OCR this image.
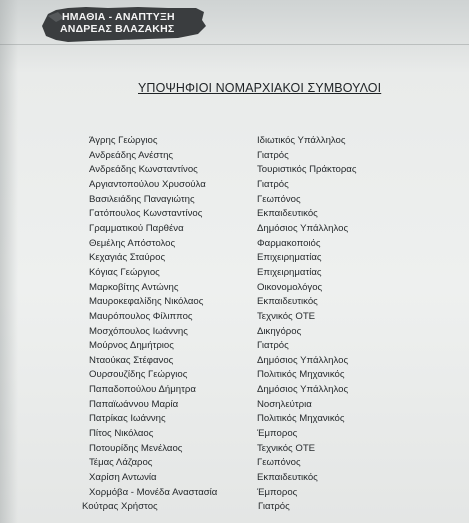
ΗΜΑΘΙΑ - ΑΝΑΠΤΥΞΗ
ΑΝΔΡΕΑΣ ΒΛΑΖΑΚΗΣ
ΥΠΟΨΗΦΙΟΙ ΝΟΜΑΡΧΙΑΚΟΙ ΣΥΜΒΟΥΛΟΙ
Άγρης Γεώργιος	Ιδιωτικός Υπάλληλος
Ανδρεάδης Ανέστης	Γιατρός
Ανδρεάδης Κωνσταντίνος	Τουριστικός Πράκτορας
Αργιαντοπούλου Χρυσούλα	Γιατρός
Βασιλειάδης Παναγιώτης	Γεωπόνος
Γατόπουλος Κωνσταντίνος	Εκπαιδευτικός
Γραμματικού Παρθένα	Δημόσιος Υπάλληλος
Θεμέλης Απόστολος	Φαρμακοποιός
Κεχαγιάς Σταύρος	Επιχειρηματίας
Κόγιας Γεώργιος	Επιχειρηματίας
Μαρκοβίτης Αντώνης	Οικονομολόγος
Μαυροκεφαλίδης Νικόλαος	Εκπαιδευτικός
Μαυρόπουλος Φίλιππος	Τεχνικός ΟΤΕ
Μοσχόπουλος Ιωάννης	Δικηγόρος
Μούρνος Δημήτριος	Γιατρός
Νταούκας Στέφανος	Δημόσιος Υπάλληλος
Ουρσουζίδης Γεώργιος	Πολιτικός Μηχανικός
Παπαδοπούλου Δήμητρα	Δημόσιος Υπάλληλος
Παπαϊωάννου Μαρία	Νοσηλεύτρια
Πατρίκας Ιωάννης	Πολιτικός Μηχανικός
Πίτος Νικόλαος	Έμπορος
Ποτουρίδης Μενέλαος	Τεχνικός ΟΤΕ
Τέμας Λάζαρος	Γεωπόνος
Χαρίση Αντωνία	Εκπαιδευτικός
Χορμόβα - Μονέδα Αναστασία	Έμπορος
Κούτρας Χρήστος	Γιατρός
